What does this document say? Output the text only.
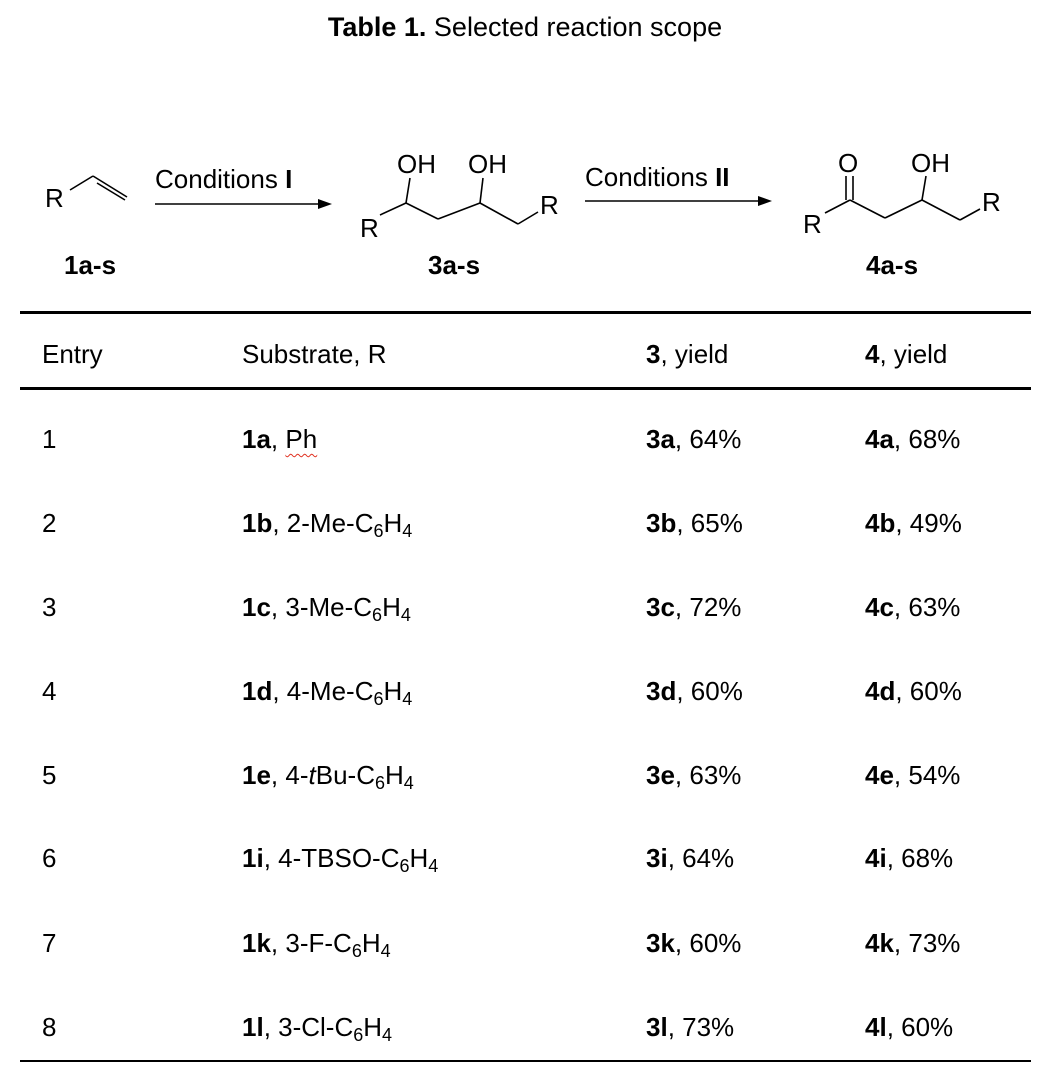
Table 1. Selected reaction scope
R
1a-s
Conditions I	OH OH
R
R
3a-s
Conditions II	O OH
R
R
4a-s
Entry	Substrate, R	3, yield	4, yield
1	1a, Ph	3a, 64%	4a, 68%
2	1b, $2-Me-C_6H_4$	3b, 65%	4b, 49%
3	1c, $3-Me-C_6H_4$	3c, 72%	4c, 63%
4	1d, $4-Me-C_6H_4$	3d, 60%	4d, 60%
5	1e, $4-tBu-C_6H_4$	3e, 63%	4e, 54%
6	1i, $4-TBSO-C_6H_4$	3i, 64%	4i, 68%
7	1k, $3-F-C_6H_4$	3k, 60%	4k, 73%
8	1l, $3-Cl-C_6H_4$	3l, 73%	4l, 60%
